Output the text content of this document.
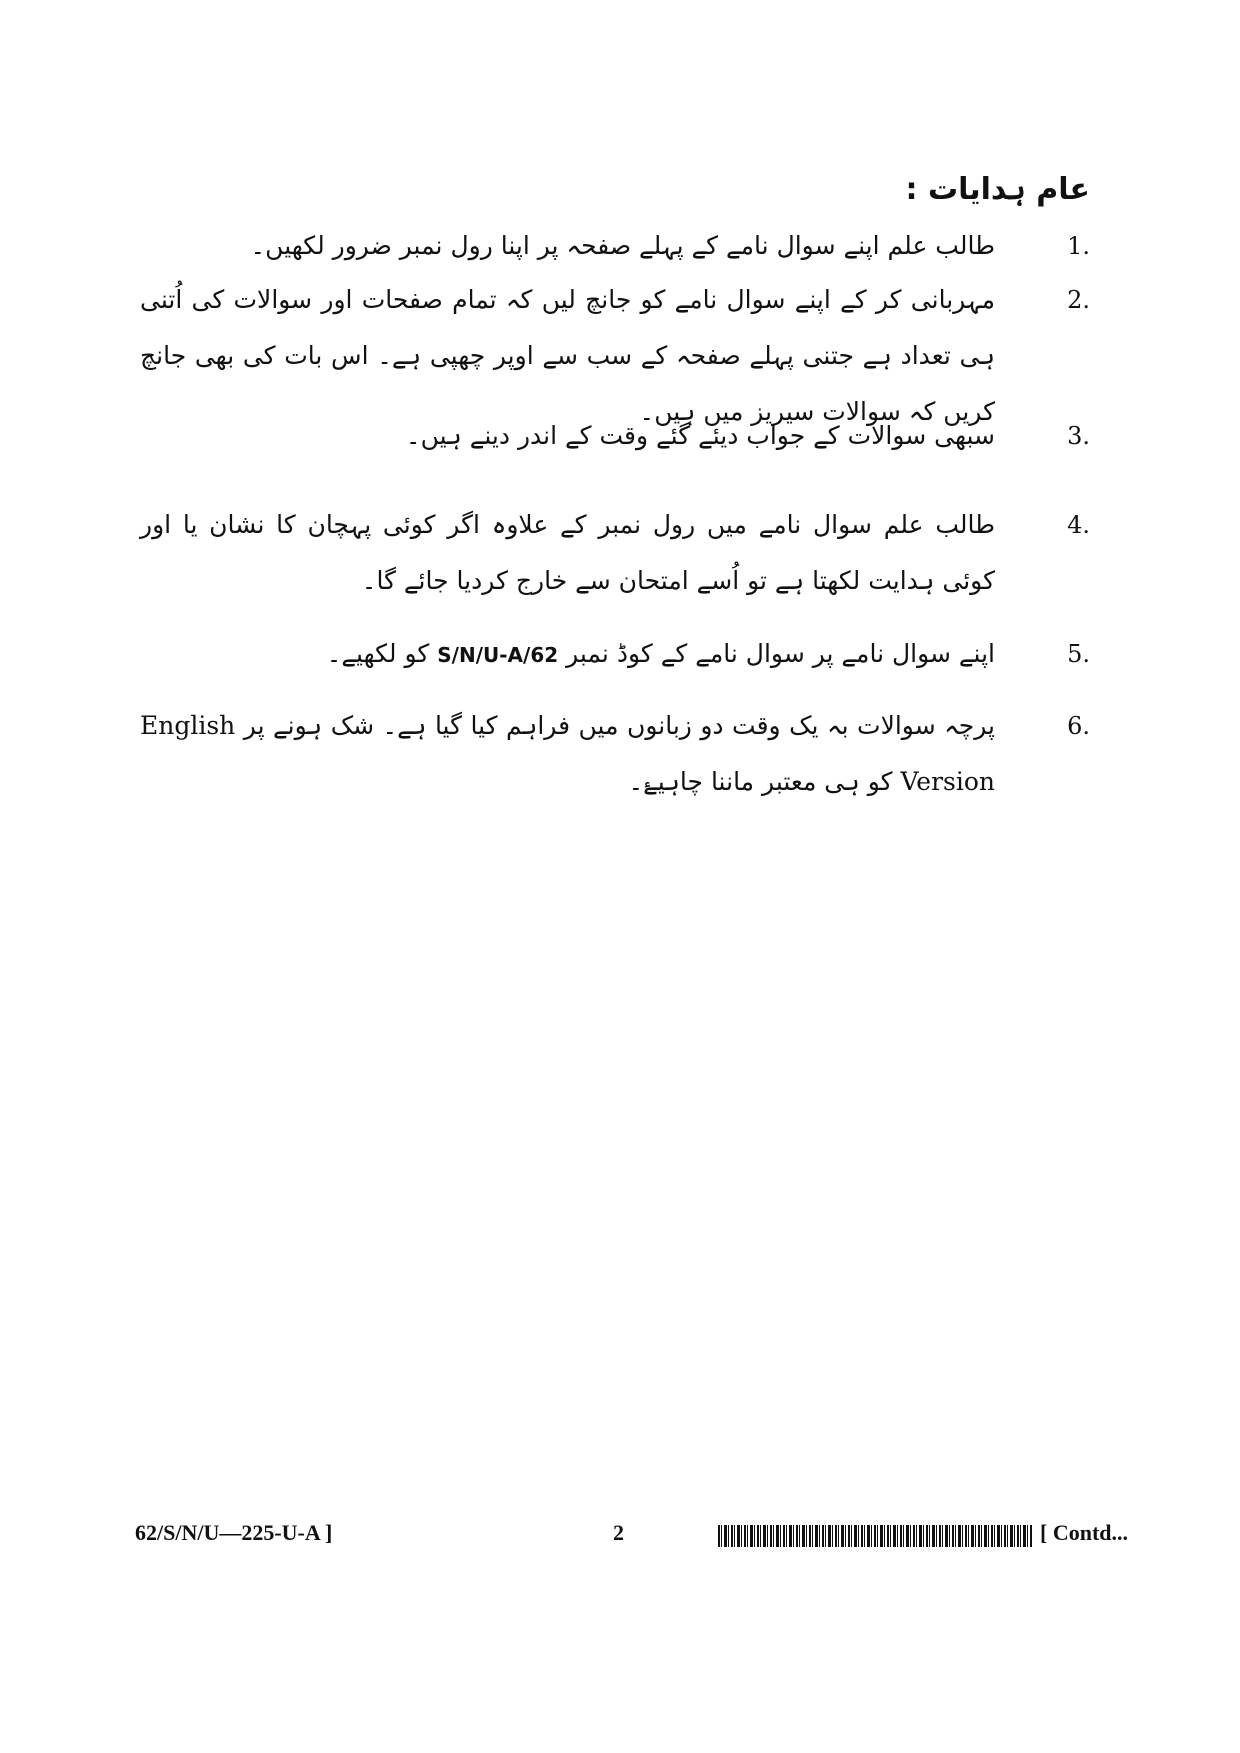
عام ہدایات :
1.
طالب علم اپنے سوال نامے کے پہلے صفحہ پر اپنا رول نمبر ضرور لکھیں۔
2.
مہربانی کر کے اپنے سوال نامے کو جانچ لیں کہ تمام صفحات اور سوالات کی اُتنی ہی تعداد ہے جتنی پہلے صفحہ کے سب سے اوپر چھپی ہے۔ اس بات کی بھی جانچ کریں کہ سوالات سیریز میں ہیں۔
3.
سبھی سوالات کے جواب دیئے گئے وقت کے اندر دینے ہیں۔
4.
طالب علم سوال نامے میں رول نمبر کے علاوہ اگر کوئی پہچان کا نشان یا اور کوئی ہدایت لکھتا ہے تو اُسے امتحان سے خارج کردیا جائے گا۔
5.
اپنے سوال نامے پر سوال نامے کے کوڈ نمبر 62/S/N/U-A کو لکھیے۔
6.
پرچہ سوالات بہ یک وقت دو زبانوں میں فراہم کیا گیا ہے۔ شک ہونے پر English Version کو ہی معتبر ماننا چاہیۓ۔
62/S/N/U—225-U-A ]	2	[ Contd...
